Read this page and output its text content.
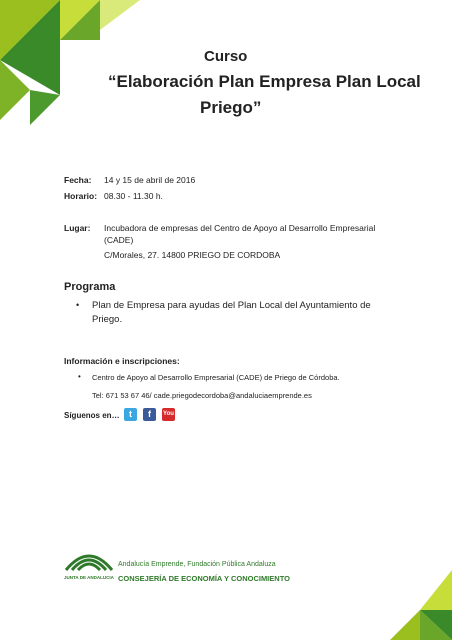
Curso
“Elaboración Plan Empresa Plan Local
Priego”
Fecha: 14 y 15 de abril de 2016
Horario: 08.30 - 11.30 h.
Lugar: Incubadora de empresas del Centro de Apoyo al Desarrollo Empresarial
(CADE)
C/Morales, 27. 14800 PRIEGO DE CORDOBA
Programa
• Plan de Empresa para ayudas del Plan Local del Ayuntamiento de
Priego.
Información e inscripciones:
• Centro de Apoyo al Desarrollo Empresarial (CADE) de Priego de Córdoba.
Tel: 671 53 67 46/ cade.priegodecordoba@andaluciaemprende.es
Síguenos en…	t	f	You
JUNTA DE ANDALUCIA
Andalucía Emprende, Fundación Pública Andaluza
CONSEJERÍA DE ECONOMÍA Y CONOCIMIENTO
